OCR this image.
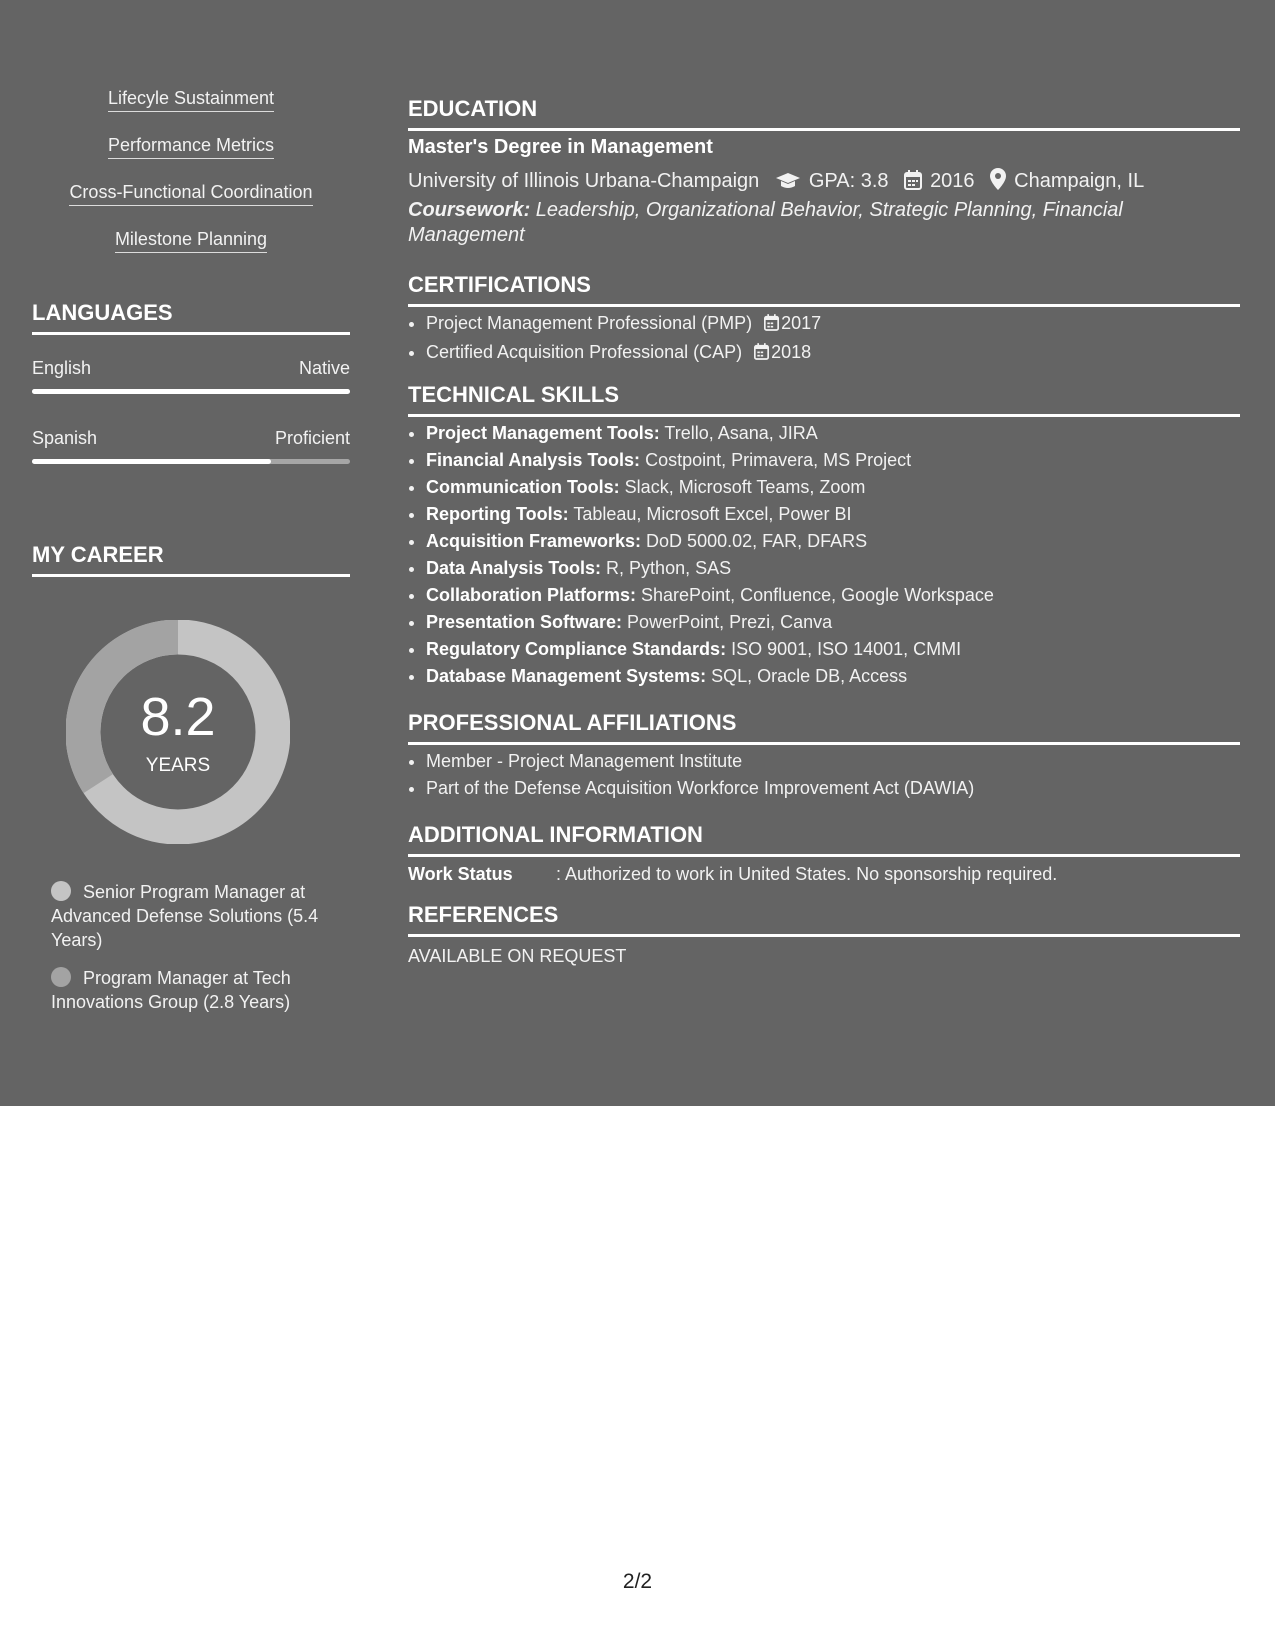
Lifecyle Sustainment
Performance Metrics
Cross-Functional Coordination
Milestone Planning
LANGUAGES
English	Native
Spanish	Proficient
MY CAREER
8.2
YEARS
Senior Program Manager at Advanced Defense Solutions (5.4 Years)
Program Manager at Tech Innovations Group (2.8 Years)
EDUCATION
Master's Degree in Management
University of Illinois Urbana-Champaign GPA: 3.8 2016 Champaign, IL
Coursework: Leadership, Organizational Behavior, Strategic Planning, Financial Management
CERTIFICATIONS
• Project Management Professional (PMP) 2017
• Certified Acquisition Professional (CAP) 2018
TECHNICAL SKILLS
• Project Management Tools: Trello, Asana, JIRA
• Financial Analysis Tools: Costpoint, Primavera, MS Project
• Communication Tools: Slack, Microsoft Teams, Zoom
• Reporting Tools: Tableau, Microsoft Excel, Power BI
• Acquisition Frameworks: DoD 5000.02, FAR, DFARS
• Data Analysis Tools: R, Python, SAS
• Collaboration Platforms: SharePoint, Confluence, Google Workspace
• Presentation Software: PowerPoint, Prezi, Canva
• Regulatory Compliance Standards: ISO 9001, ISO 14001, CMMI
• Database Management Systems: SQL, Oracle DB, Access
PROFESSIONAL AFFILIATIONS
• Member - Project Management Institute
• Part of the Defense Acquisition Workforce Improvement Act (DAWIA)
ADDITIONAL INFORMATION
Work Status : Authorized to work in United States. No sponsorship required.
REFERENCES
AVAILABLE ON REQUEST
2/2
